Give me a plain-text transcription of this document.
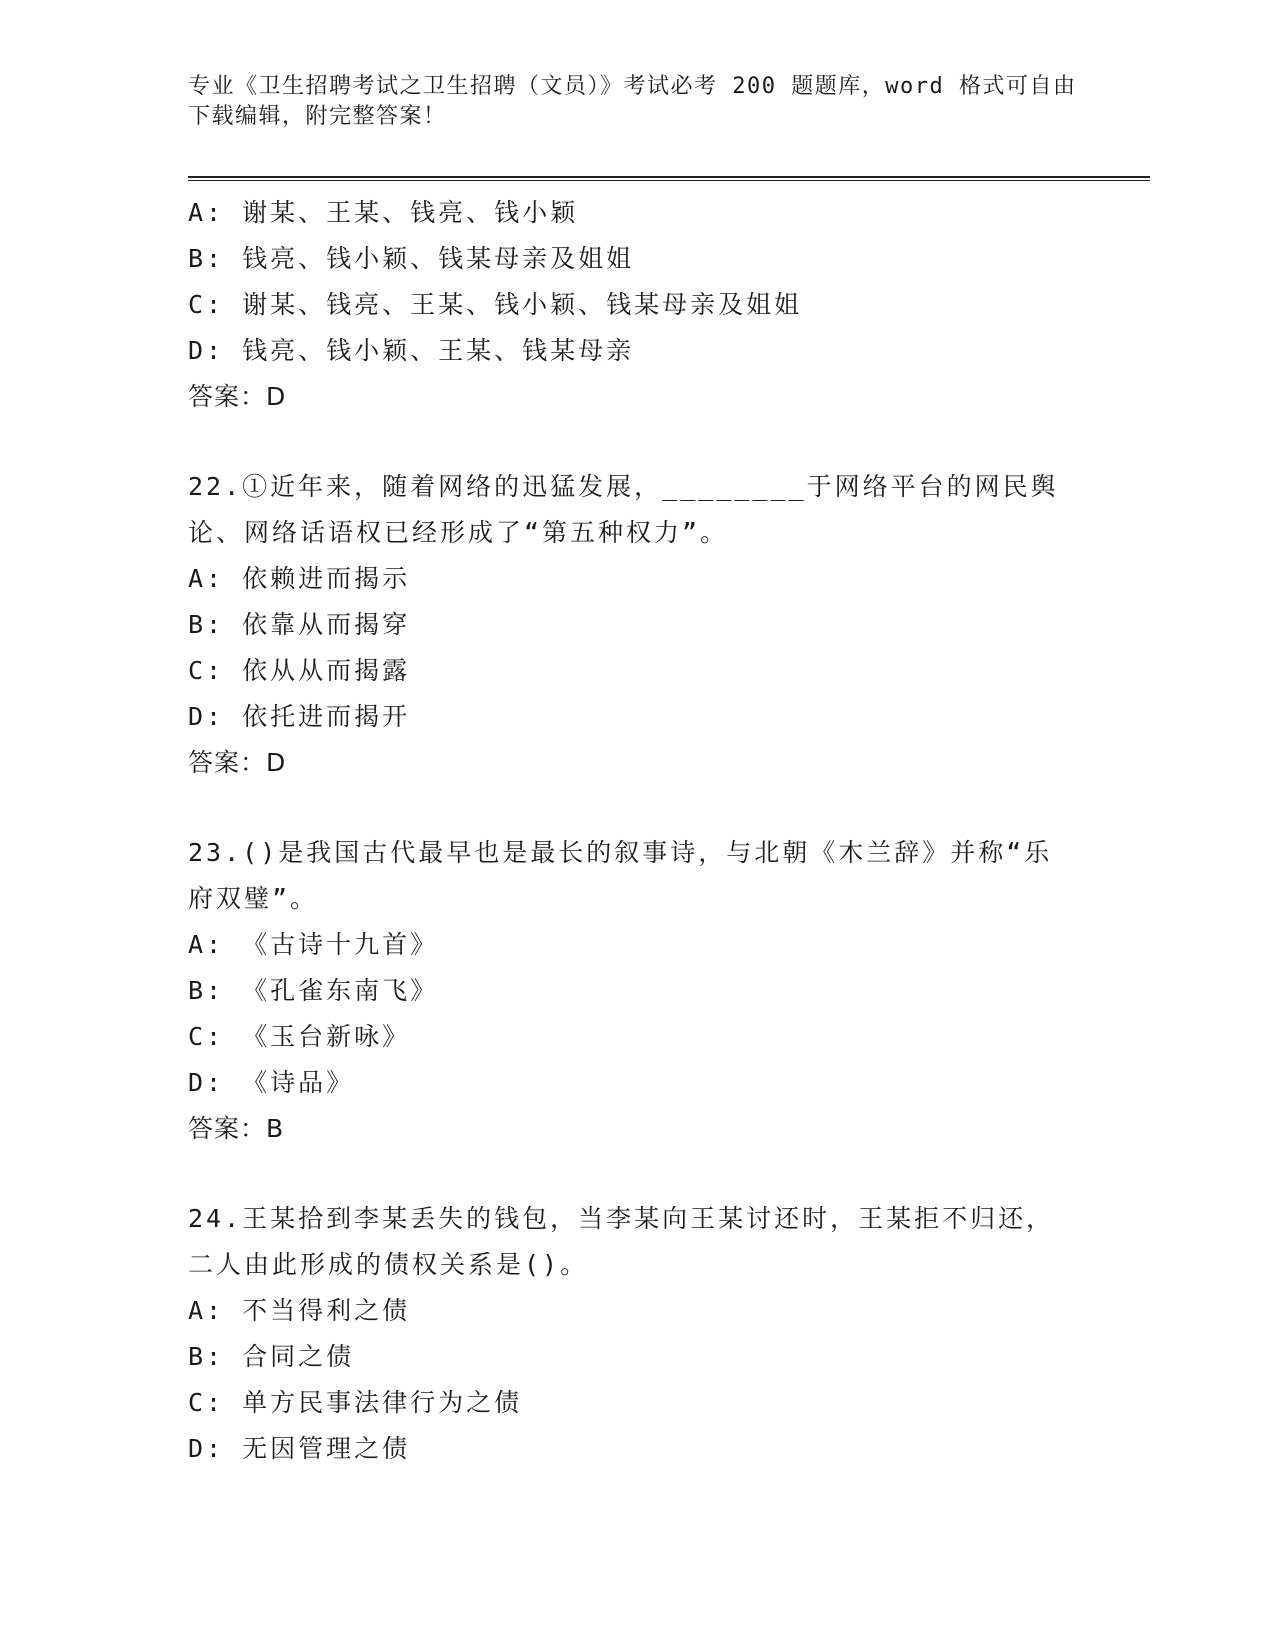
专业《卫生招聘考试之卫生招聘（文员）》考试必考 200 题题库，word 格式可自由下载编辑，附完整答案！
A: 谢某、王某、钱亮、钱小颖
B: 钱亮、钱小颖、钱某母亲及姐姐
C: 谢某、钱亮、王某、钱小颖、钱某母亲及姐姐
D: 钱亮、钱小颖、王某、钱某母亲
答案：D
22.①近年来，随着网络的迅猛发展，________于网络平台的网民舆论、网络话语权已经形成了“第五种权力”。
A: 依赖进而揭示
B: 依靠从而揭穿
C: 依从从而揭露
D: 依托进而揭开
答案：D
23.()是我国古代最早也是最长的叙事诗，与北朝《木兰辞》并称“乐府双璧”。
A: 《古诗十九首》
B: 《孔雀东南飞》
C: 《玉台新咏》
D: 《诗品》
答案：B
24.王某拾到李某丢失的钱包，当李某向王某讨还时，王某拒不归还，二人由此形成的债权关系是()。
A: 不当得利之债
B: 合同之债
C: 单方民事法律行为之债
D: 无因管理之债
